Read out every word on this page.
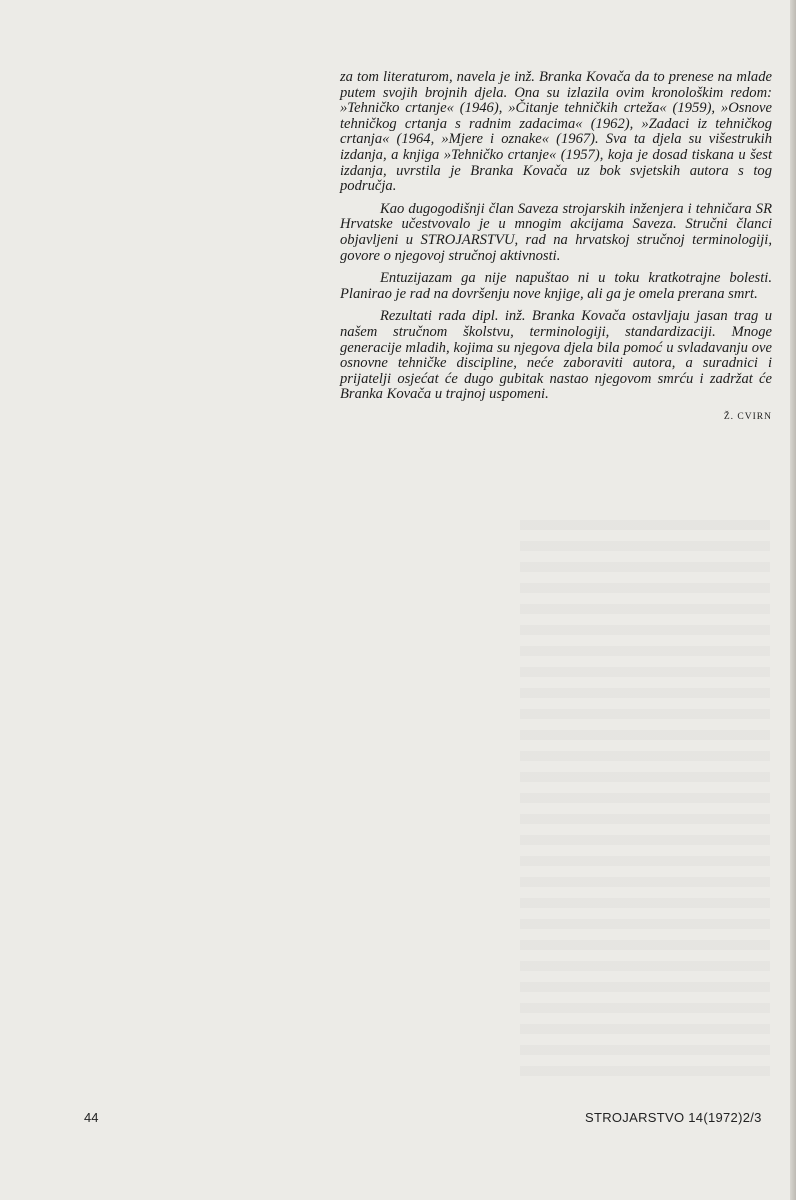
za tom literaturom, navela je inž. Branka Kovača da to prenese na mlade putem svojih brojnih djela. Ona su izlazila ovim kronološkim redom: »Tehničko crtanje« (1946), »Čitanje tehničkih crteža« (1959), »Osnove tehničkog crtanja s radnim zadacima« (1962), »Zadaci iz tehničkog crtanja« (1964, »Mjere i oznake« (1967). Sva ta djela su višestrukih izdanja, a knjiga »Tehničko crtanje« (1957), koja je dosad tiskana u šest izdanja, uvrstila je Branka Kovača uz bok svjetskih autora s tog područja.

Kao dugogodišnji član Saveza strojarskih inženjera i tehničara SR Hrvatske učestvovalo je u mnogim akcijama Saveza. Stručni članci objavljeni u STROJARSTVU, rad na hrvatskoj stručnoj terminologiji, govore o njegovoj stručnoj aktivnosti.

Entuzijazam ga nije napuštao ni u toku kratkotrajne bolesti. Planirao je rad na dovršenju nove knjige, ali ga je omela prerana smrt.

Rezultati rada dipl. inž. Branka Kovača ostavljaju jasan trag u našem stručnom školstvu, terminologiji, standardizaciji. Mnoge generacije mladih, kojima su njegova djela bila pomoć u svladavanju ove osnovne tehničke discipline, neće zaboraviti autora, a suradnici i prijatelji osjećat će dugo gubitak nastao njegovom smrću i zadržat će Branka Kovača u trajnoj uspomeni.

Ž. CVIRN
44	STROJARSTVO 14(1972)2/3
